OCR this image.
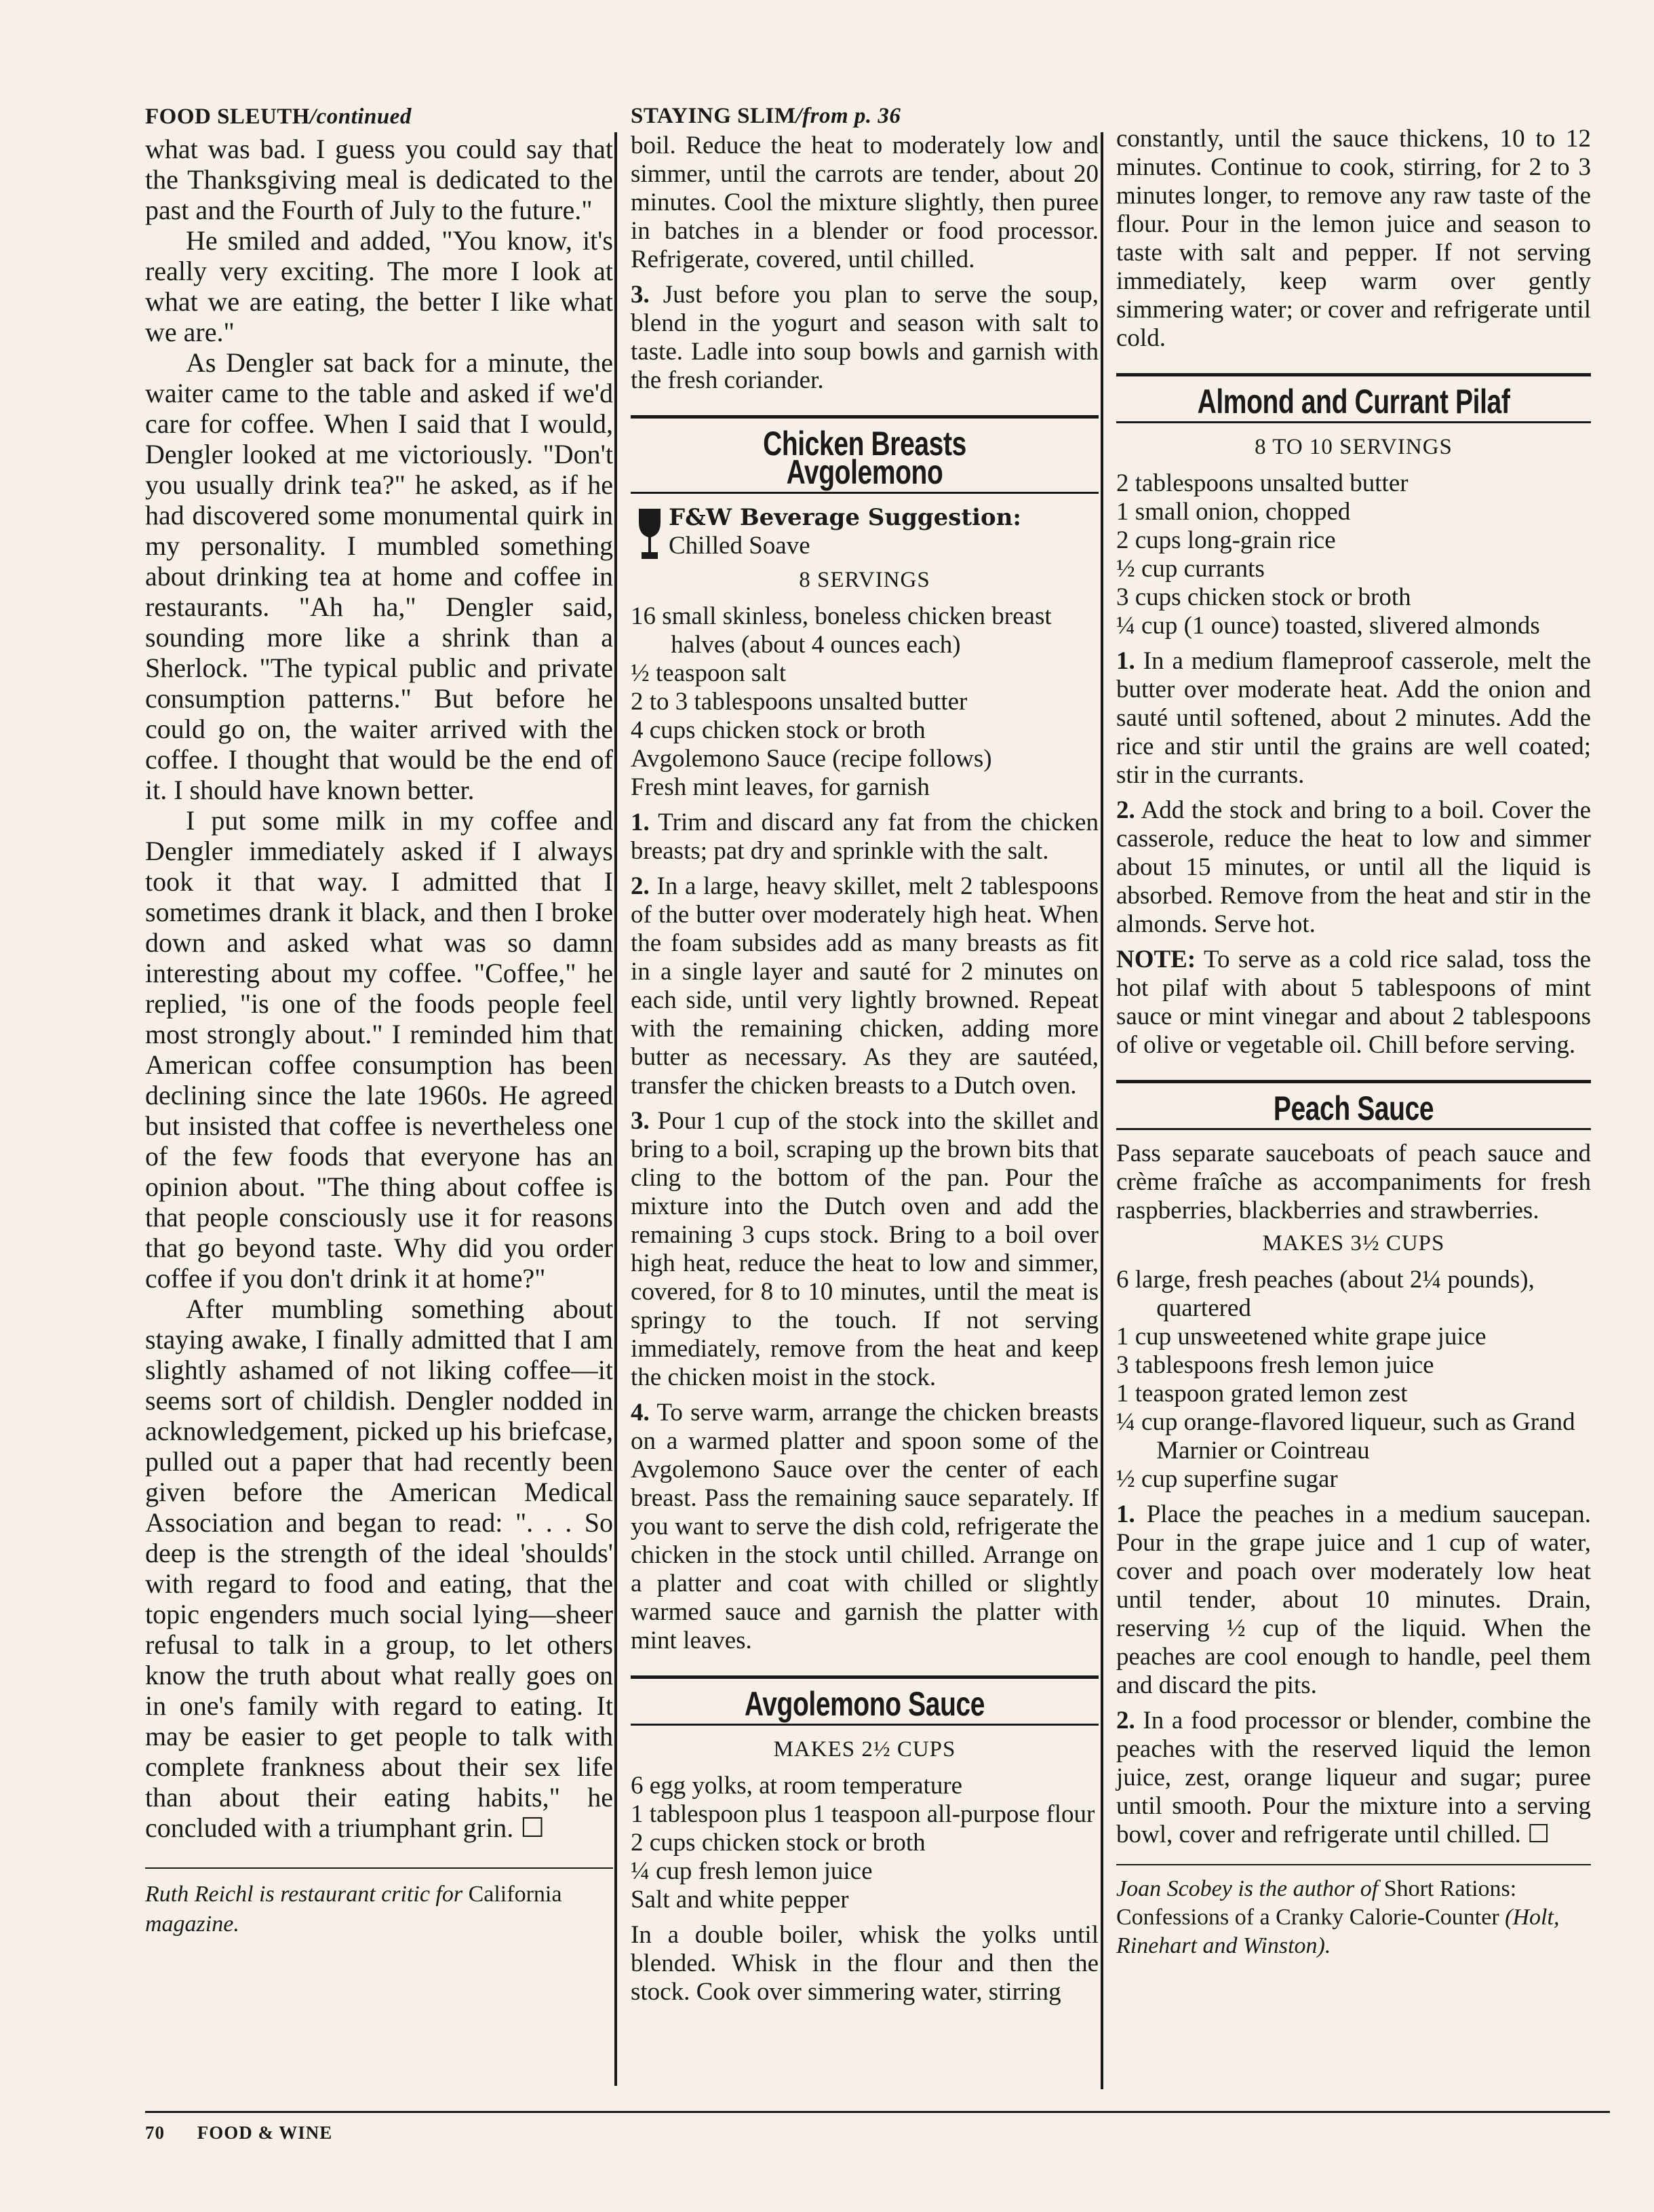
FOOD SLEUTH/continued

what was bad. I guess you could say that the Thanksgiving meal is dedicated to the past and the Fourth of July to the future."

He smiled and added, "You know, it's really very exciting. The more I look at what we are eating, the better I like what we are."

As Dengler sat back for a minute, the waiter came to the table and asked if we'd care for coffee. When I said that I would, Dengler looked at me victoriously. "Don't you usually drink tea?" he asked, as if he had discovered some monumental quirk in my personality. I mumbled something about drinking tea at home and coffee in restaurants. "Ah ha," Dengler said, sounding more like a shrink than a Sherlock. "The typical public and private consumption patterns." But before he could go on, the waiter arrived with the coffee. I thought that would be the end of it. I should have known better.

I put some milk in my coffee and Dengler immediately asked if I always took it that way. I admitted that I sometimes drank it black, and then I broke down and asked what was so damn interesting about my coffee. "Coffee," he replied, "is one of the foods people feel most strongly about." I reminded him that American coffee consumption has been declining since the late 1960s. He agreed but insisted that coffee is nevertheless one of the few foods that everyone has an opinion about. "The thing about coffee is that people consciously use it for reasons that go beyond taste. Why did you order coffee if you don't drink it at home?"

After mumbling something about staying awake, I finally admitted that I am slightly ashamed of not liking coffee—it seems sort of childish. Dengler nodded in acknowledgement, picked up his briefcase, pulled out a paper that had recently been given before the American Medical Association and began to read: ". . . So deep is the strength of the ideal 'shoulds' with regard to food and eating, that the topic engenders much social lying—sheer refusal to talk in a group, to let others know the truth about what really goes on in one's family with regard to eating. It may be easier to get people to talk with complete frankness about their sex life than about their eating habits," he concluded with a triumphant grin. ☐

Ruth Reichl is restaurant critic for California magazine.
STAYING SLIM/from p. 36

boil. Reduce the heat to moderately low and simmer, until the carrots are tender, about 20 minutes. Cool the mixture slightly, then puree in batches in a blender or food processor. Refrigerate, covered, until chilled.

3. Just before you plan to serve the soup, blend in the yogurt and season with salt to taste. Ladle into soup bowls and garnish with the fresh coriander.

Chicken Breasts Avgolemono
F&W Beverage Suggestion:
Chilled Soave
8 SERVINGS
16 small skinless, boneless chicken breast halves (about 4 ounces each)
½ teaspoon salt
2 to 3 tablespoons unsalted butter
4 cups chicken stock or broth
Avgolemono Sauce (recipe follows)
Fresh mint leaves, for garnish

1. Trim and discard any fat from the chicken breasts; pat dry and sprinkle with the salt.

2. In a large, heavy skillet, melt 2 tablespoons of the butter over moderately high heat. When the foam subsides add as many breasts as fit in a single layer and sauté for 2 minutes on each side, until very lightly browned. Repeat with the remaining chicken, adding more butter as necessary. As they are sautéed, transfer the chicken breasts to a Dutch oven.

3. Pour 1 cup of the stock into the skillet and bring to a boil, scraping up the brown bits that cling to the bottom of the pan. Pour the mixture into the Dutch oven and add the remaining 3 cups stock. Bring to a boil over high heat, reduce the heat to low and simmer, covered, for 8 to 10 minutes, until the meat is springy to the touch. If not serving immediately, remove from the heat and keep the chicken moist in the stock.

4. To serve warm, arrange the chicken breasts on a warmed platter and spoon some of the Avgolemono Sauce over the center of each breast. Pass the remaining sauce separately. If you want to serve the dish cold, refrigerate the chicken in the stock until chilled. Arrange on a platter and coat with chilled or slightly warmed sauce and garnish the platter with mint leaves.

Avgolemono Sauce
MAKES 2½ CUPS
6 egg yolks, at room temperature
1 tablespoon plus 1 teaspoon all-purpose flour
2 cups chicken stock or broth
¼ cup fresh lemon juice
Salt and white pepper

In a double boiler, whisk the yolks until blended. Whisk in the flour and then the stock. Cook over simmering water, stirring

constantly, until the sauce thickens, 10 to 12 minutes. Continue to cook, stirring, for 2 to 3 minutes longer, to remove any raw taste of the flour. Pour in the lemon juice and season to taste with salt and pepper. If not serving immediately, keep warm over gently simmering water; or cover and refrigerate until cold.

Almond and Currant Pilaf
8 TO 10 SERVINGS
2 tablespoons unsalted butter
1 small onion, chopped
2 cups long-grain rice
½ cup currants
3 cups chicken stock or broth
¼ cup (1 ounce) toasted, slivered almonds

1. In a medium flameproof casserole, melt the butter over moderate heat. Add the onion and sauté until softened, about 2 minutes. Add the rice and stir until the grains are well coated; stir in the currants.

2. Add the stock and bring to a boil. Cover the casserole, reduce the heat to low and simmer about 15 minutes, or until all the liquid is absorbed. Remove from the heat and stir in the almonds. Serve hot.

NOTE: To serve as a cold rice salad, toss the hot pilaf with about 5 tablespoons of mint sauce or mint vinegar and about 2 tablespoons of olive or vegetable oil. Chill before serving.

Peach Sauce

Pass separate sauceboats of peach sauce and crème fraîche as accompaniments for fresh raspberries, blackberries and strawberries.

MAKES 3½ CUPS
6 large, fresh peaches (about 2¼ pounds), quartered
1 cup unsweetened white grape juice
3 tablespoons fresh lemon juice
1 teaspoon grated lemon zest
¼ cup orange-flavored liqueur, such as Grand Marnier or Cointreau
½ cup superfine sugar

1. Place the peaches in a medium saucepan. Pour in the grape juice and 1 cup of water, cover and poach over moderately low heat until tender, about 10 minutes. Drain, reserving ½ cup of the liquid. When the peaches are cool enough to handle, peel them and discard the pits.

2. In a food processor or blender, combine the peaches with the reserved liquid the lemon juice, zest, orange liqueur and sugar; puree until smooth. Pour the mixture into a serving bowl, cover and refrigerate until chilled. ☐

Joan Scobey is the author of Short Rations: Confessions of a Cranky Calorie-Counter (Holt, Rinehart and Winston).
70 FOOD & WINE
